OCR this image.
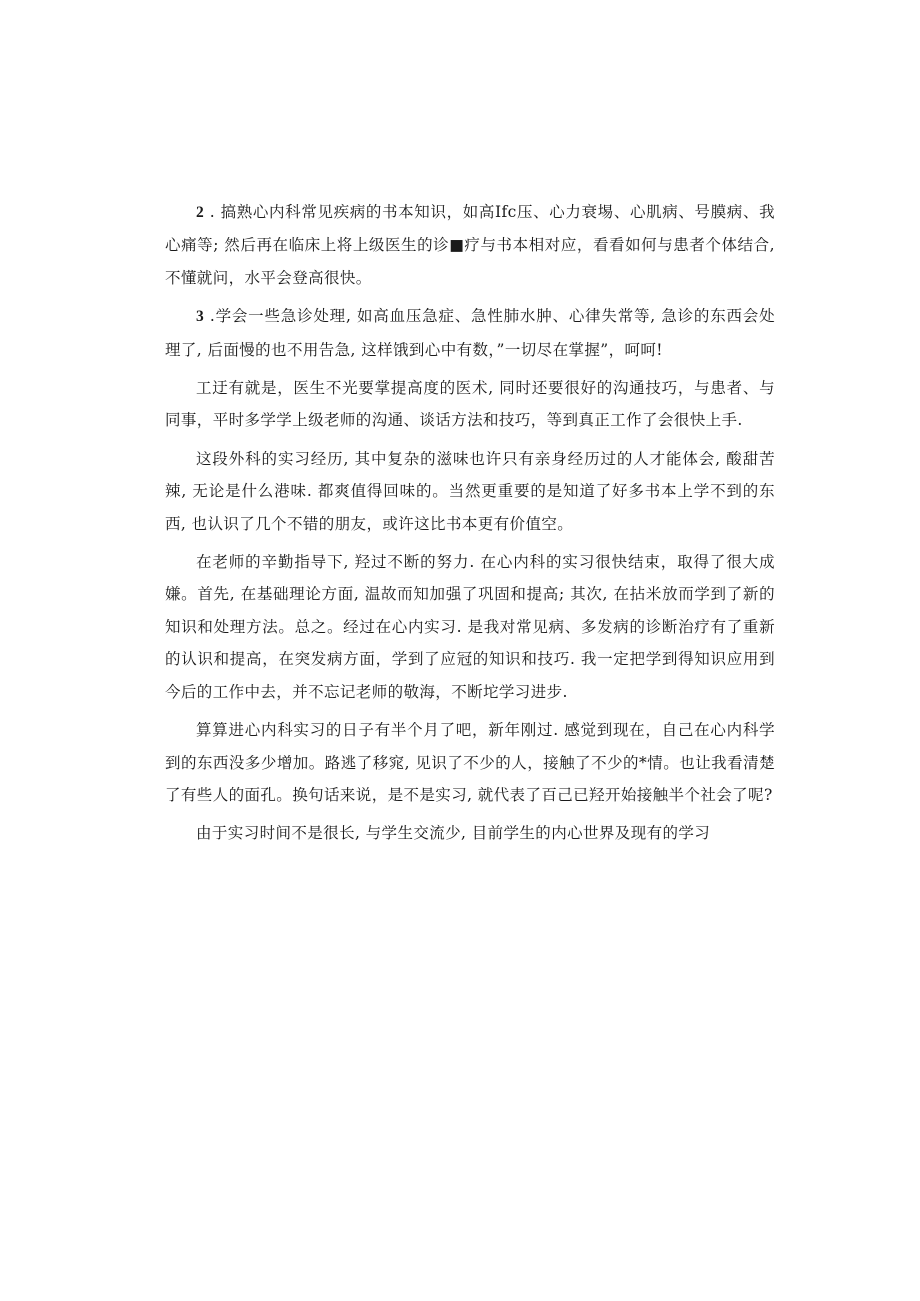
2 . 搞熟心内科常见疾病的书本知识，如高Ifc压、心力衰埸、心肌病、号膜病、我心痛等; 然后再在临床上将上级医生的诊■疗与书本相对应，看看如何与患者个体结合, 不懂就问，水平会登高很快。

3 .学会一些急诊处理, 如高血压急症、急性肺水肿、心律失常等, 急诊的东西会处理了, 后面慢的也不用告急, 这样饿到心中有数，”一切尽在掌握”，呵呵!

工迂有就是，医生不光要掌提高度的医术, 同时还要很好的沟通技巧，与患者、与同事，平时多学学上级老师的沟通、谈话方法和技巧，等到真正工作了会很快上手.

这段外科的实习经历, 其中复杂的滋味也许只有亲身经历过的人才能体会, 酸甜苦辣, 无论是什么港味. 都爽值得回味的。当然更重要的是知道了好多书本上学不到的东西, 也认识了几个不错的朋友，或许这比书本更有价值空。

在老师的辛勤指导下, 羟过不断的努力. 在心内科的实习很快结束，取得了很大成嫌。首先, 在基础理论方面, 温故而知加强了巩固和提高; 其次, 在拈米放而学到了新的知识和处理方法。总之。经过在心内实习. 是我对常见病、多发病的诊断治疗有了重新的认识和提高，在突发病方面，学到了应冠的知识和技巧. 我一定把学到得知识应用到今后的工作中去，并不忘记老师的敬海，不断坨学习进步.

算算进心内科实习的日子有半个月了吧，新年刚过. 感觉到现在，自己在心内科学到的东西没多少增加。路逃了移窕, 见识了不少的人，接触了不少的*情。也让我看清楚了有些人的面孔。换句话来说，是不是实习, 就代表了百己已羟开始接触半个社会了呢?

由于实习时间不是很长, 与学生交流少, 目前学生的内心世界及现有的学习
